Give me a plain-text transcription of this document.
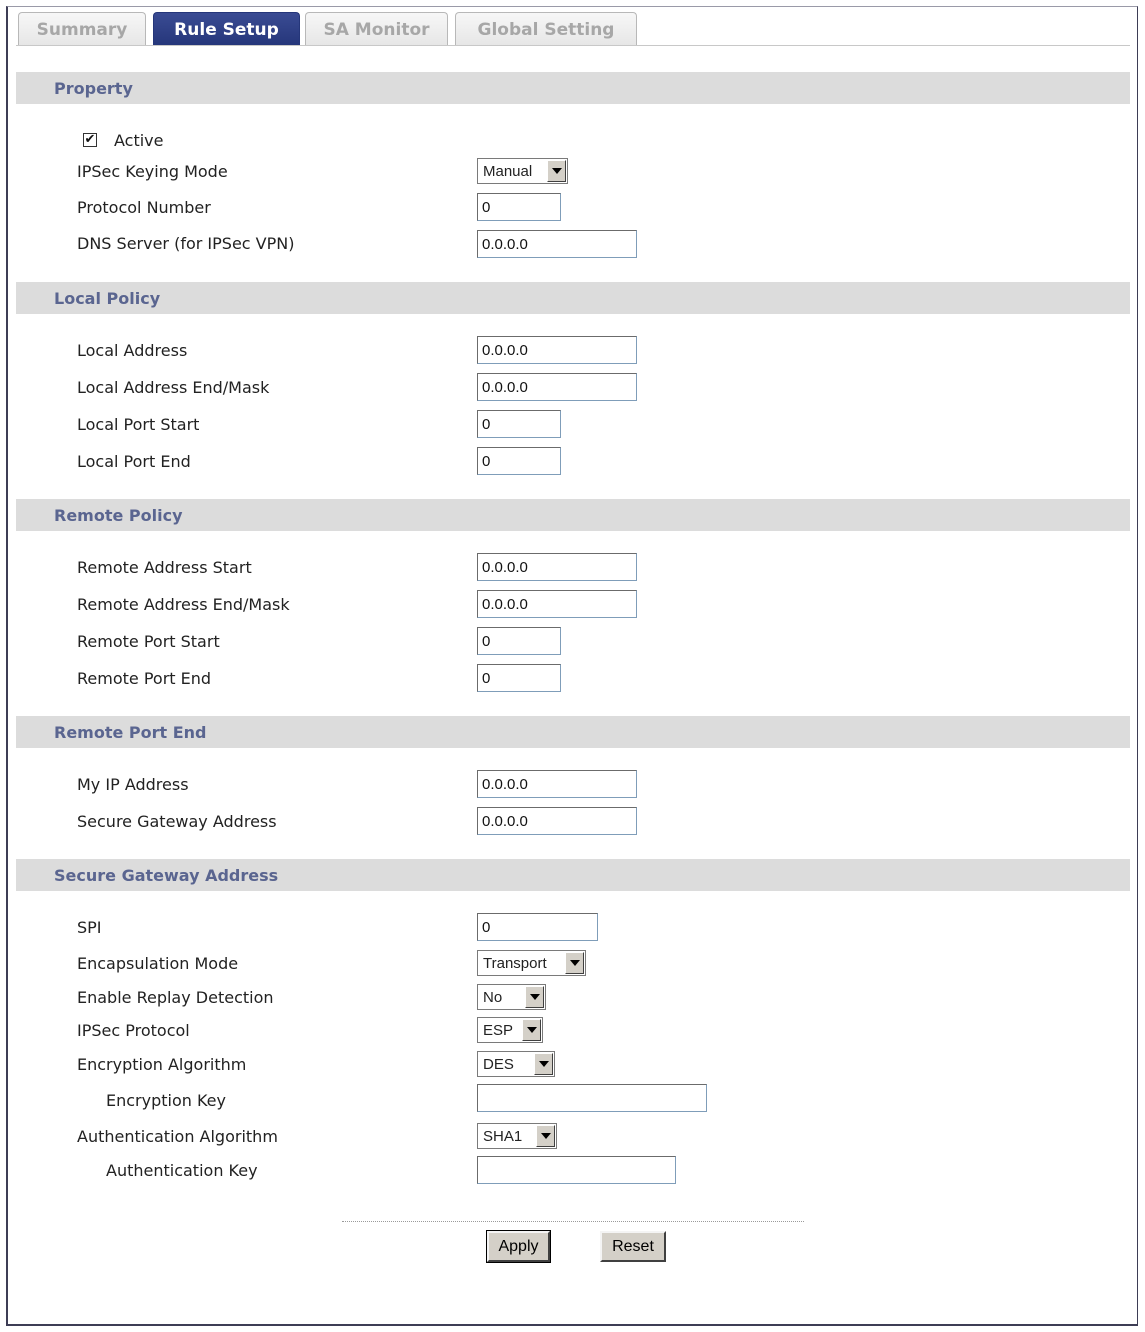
Summary	Rule Setup	SA Monitor	Global Setting
Property
✔ Active
IPSec Keying Mode	Manual
Protocol Number	0
DNS Server (for IPSec VPN)	0.0.0.0
Local Policy
Local Address	0.0.0.0
Local Address End/Mask	0.0.0.0
Local Port Start	0
Local Port End	0
Remote Policy
Remote Address Start	0.0.0.0
Remote Address End/Mask	0.0.0.0
Remote Port Start	0
Remote Port End	0
Remote Port End
My IP Address	0.0.0.0
Secure Gateway Address	0.0.0.0
Secure Gateway Address
SPI	0
Encapsulation Mode	Transport
Enable Replay Detection	No
IPSec Protocol	ESP
Encryption Algorithm	DES
Encryption Key
Authentication Algorithm	SHA1
Authentication Key
Apply	Reset
